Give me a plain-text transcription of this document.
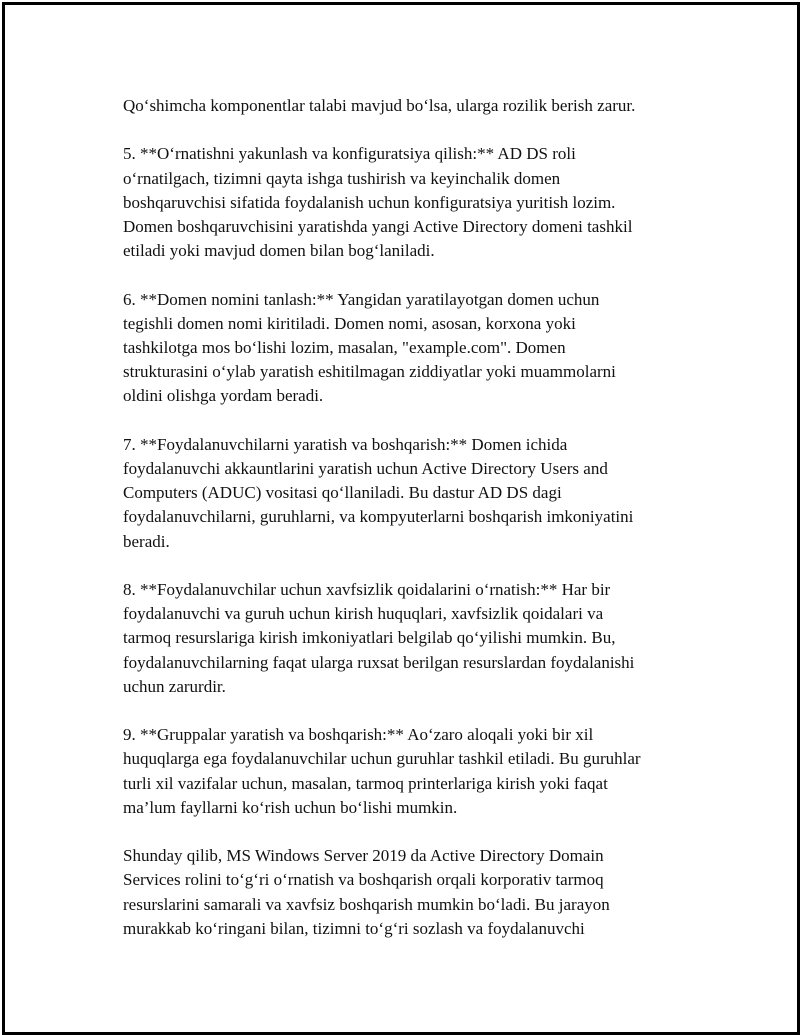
Qo‘shimcha komponentlar talabi mavjud bo‘lsa, ularga rozilik berish zarur.

5. **O‘rnatishni yakunlash va konfiguratsiya qilish:** AD DS roli
o‘rnatilgach, tizimni qayta ishga tushirish va keyinchalik domen
boshqaruvchisi sifatida foydalanish uchun konfiguratsiya yuritish lozim.
Domen boshqaruvchisini yaratishda yangi Active Directory domeni tashkil
etiladi yoki mavjud domen bilan bog‘laniladi.

6. **Domen nomini tanlash:** Yangidan yaratilayotgan domen uchun
tegishli domen nomi kiritiladi. Domen nomi, asosan, korxona yoki
tashkilotga mos bo‘lishi lozim, masalan, "example.com". Domen
strukturasini o‘ylab yaratish eshitilmagan ziddiyatlar yoki muammolarni
oldini olishga yordam beradi.

7. **Foydalanuvchilarni yaratish va boshqarish:** Domen ichida
foydalanuvchi akkauntlarini yaratish uchun Active Directory Users and
Computers (ADUC) vositasi qo‘llaniladi. Bu dastur AD DS dagi
foydalanuvchilarni, guruhlarni, va kompyuterlarni boshqarish imkoniyatini
beradi.

8. **Foydalanuvchilar uchun xavfsizlik qoidalarini o‘rnatish:** Har bir
foydalanuvchi va guruh uchun kirish huquqlari, xavfsizlik qoidalari va
tarmoq resurslariga kirish imkoniyatlari belgilab qo‘yilishi mumkin. Bu,
foydalanuvchilarning faqat ularga ruxsat berilgan resurslardan foydalanishi
uchun zarurdir.

9. **Gruppalar yaratish va boshqarish:** Ao‘zaro aloqali yoki bir xil
huquqlarga ega foydalanuvchilar uchun guruhlar tashkil etiladi. Bu guruhlar
turli xil vazifalar uchun, masalan, tarmoq printerlariga kirish yoki faqat
ma’lum fayllarni ko‘rish uchun bo‘lishi mumkin.

Shunday qilib, MS Windows Server 2019 da Active Directory Domain
Services rolini to‘g‘ri o‘rnatish va boshqarish orqali korporativ tarmoq
resurslarini samarali va xavfsiz boshqarish mumkin bo‘ladi. Bu jarayon
murakkab ko‘ringani bilan, tizimni to‘g‘ri sozlash va foydalanuvchi
